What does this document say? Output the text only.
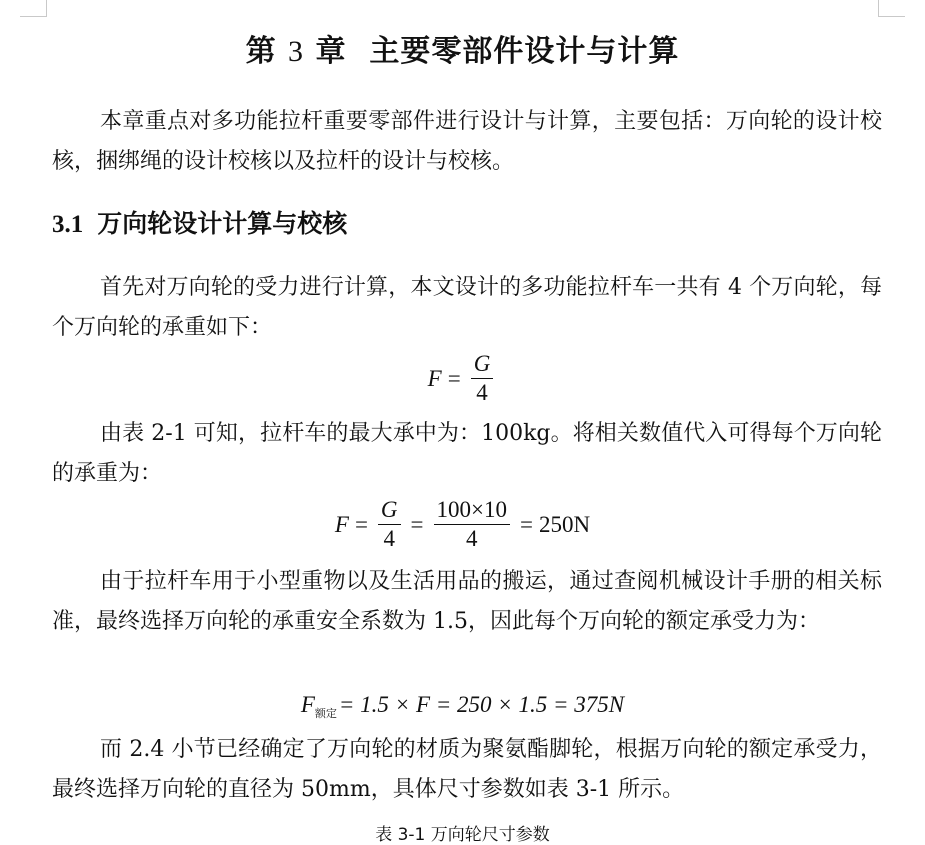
第 3 章 主要零部件设计与计算

本章重点对多功能拉杆重要零部件进行设计与计算，主要包括：万向轮的设计校核，捆绑绳的设计校核以及拉杆的设计与校核。

3.1 万向轮设计计算与校核

首先对万向轮的受力进行计算，本文设计的多功能拉杆车一共有 4 个万向轮，每个万向轮的承重如下：

$F = \frac{G}{4}$

由表 2-1 可知，拉杆车的最大承中为：100kg。将相关数值代入可得每个万向轮的承重为：

$F = \frac{G}{4} = \frac{100\times 10}{4} = 250N$

由于拉杆车用于小型重物以及生活用品的搬运，通过查阅机械设计手册的相关标准，最终选择万向轮的承重安全系数为 1.5，因此每个万向轮的额定承受力为：

F 额定 = 1.5 × F = 250 × 1.5 = 375N

而 2.4 小节已经确定了万向轮的材质为聚氨酯脚轮，根据万向轮的额定承受力，最终选择万向轮的直径为 50mm，具体尺寸参数如表 3-1 所示。

表 3-1 万向轮尺寸参数
